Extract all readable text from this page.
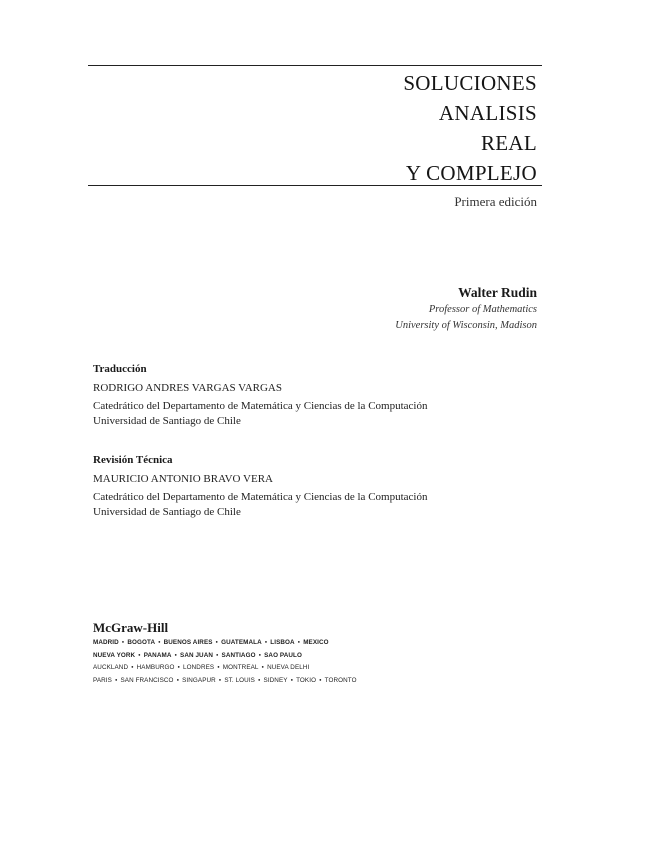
SOLUCIONES
ANALISIS
REAL
Y COMPLEJO
Primera edición
Walter Rudin
Professor of Mathematics
University of Wisconsin, Madison
Traducción
RODRIGO ANDRES VARGAS VARGAS
Catedrático del Departamento de Matemática y Ciencias de la Computación
Universidad de Santiago de Chile
Revisión Técnica
MAURICIO ANTONIO BRAVO VERA
Catedrático del Departamento de Matemática y Ciencias de la Computación
Universidad de Santiago de Chile
McGraw-Hill
MADRID ● BOGOTA ● BUENOS AIRES ● GUATEMALA ● LISBOA ● MEXICO
NUEVA YORK ● PANAMA ● SAN JUAN ● SANTIAGO ● SAO PAULO
AUCKLAND ● HAMBURGO ● LONDRES ● MONTREAL ● NUEVA DELHI
PARIS ● SAN FRANCISCO ● SINGAPUR ● ST. LOUIS ● SIDNEY ● TOKIO ● TORONTO
